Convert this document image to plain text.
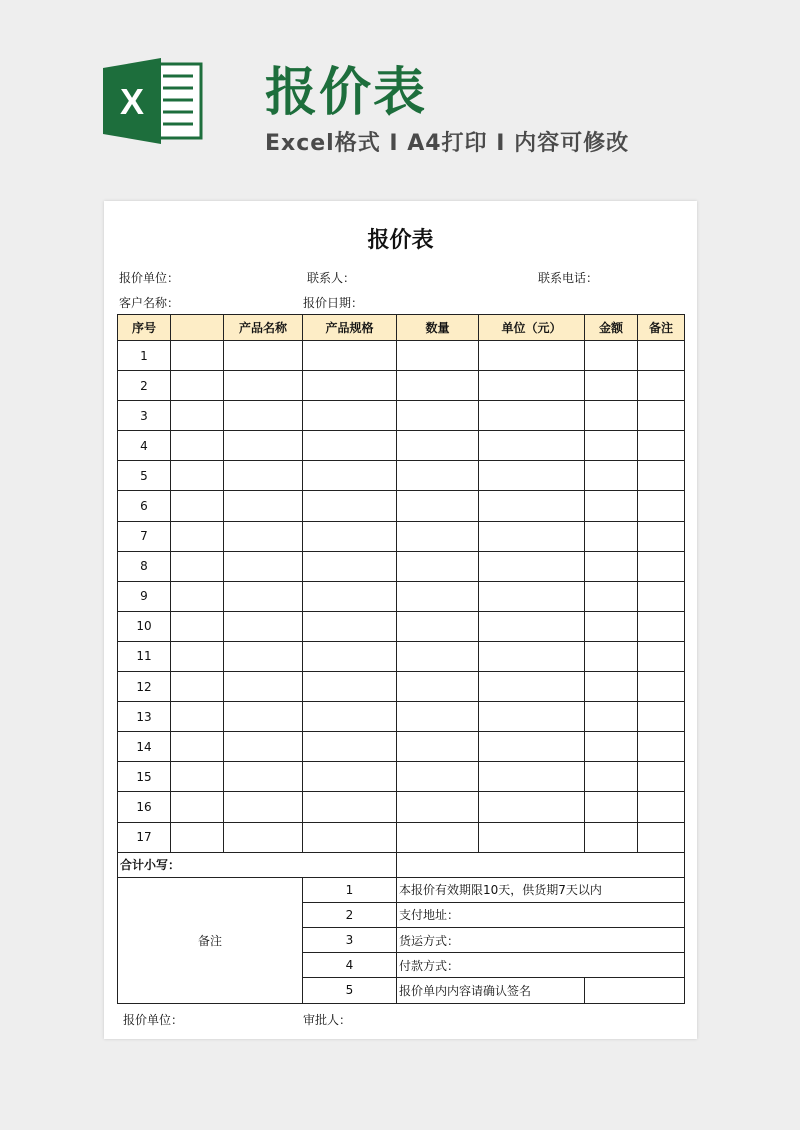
X 报价表
Excel格式 I A4打印 I 内容可修改
报价表
报价单位：	联系人：	联系电话：
客户名称：	报价日期：
序号		产品名称	产品规格	数量	单位（元）	金额	备注
1							
2							
3							
4							
5							
6							
7							
8							
9							
10							
11							
12							
13							
14							
15							
16							
17							
合计小写：							
备注			1	本报价有效期限10天，供货期7天以内			
			2	支付地址：			
			3	货运方式：			
			4	付款方式：			
			5	报价单内内容请确认签名			
报价单位：	审批人：
